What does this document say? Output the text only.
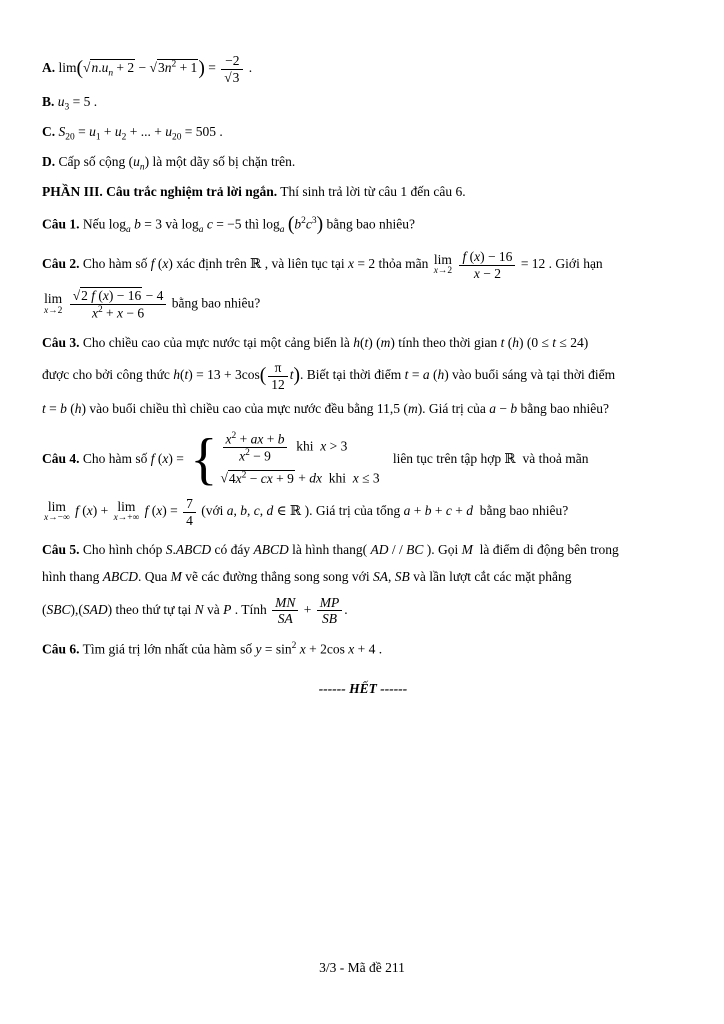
A. $\lim(√n.u_n + 2 - √3n^2 + 1) = \frac{-2}{√3}$ .
B. $u_3 = 5$ .
C. $S_{20} = u_1 + u_2$ + ... + $u_{20} = 505$ .
D. Cấp số cộng $(u_n)$ là một dãy số bị chặn trên.
PHẦN III. Câu trắc nghiệm trả lời ngắn. Thí sinh trả lời từ câu 1 đến câu 6.
Câu 1. Nếu $\log_a b = 3$ và $\log_a c = -5$ thì $\log_a (b^2c^3)$ bằng bao nhiêu?
Câu 2. Cho hàm số f (x) xác định trên ℝ , và liên tục tại x = 2 thỏa mãn lim
x→2
$\frac{f (x) - 16}{x - 2} = 12$ . Giới hạn
lim
x→2
$\frac{√2 f (x) - 16 - 4}{x^2 + x - 6}$ bằng bao nhiêu?
Câu 3. Cho chiều cao của mực nước tại một cảng biển là h(t) (m) tính theo thời gian t (h) (0 ≤ t ≤ 24)
được cho bởi công thức $h(t) = 13 + 3\cos( \frac{\pi}{12} t)$. Biết tại thời điểm t = a (h) vào buổi sáng và tại thời điểm
t = b (h) vào buổi chiều thì chiều cao của mực nước đều bằng 11,5 (m). Giá trị của a − b bằng bao nhiêu?
Câu 4. Cho hàm số f (x) = { $\frac{x^2 + ax + b}{x^2 - 9}$ khi  x > 3
$√4x^2$ − cx + 9 + dx  khi  x ≤ 3
liên tục trên tập hợp ℝ  và thoả mãn
lim
x→−∞
f (x) + lim
x→+∞
f $(x) = \frac{7}{4}$ (với a, b, c, d ∈ ℝ ). Giá trị của tổng a + b + c + d  bằng bao nhiêu?
Câu 5. Cho hình chóp S.ABCD có đáy ABCD là hình thang( AD / / BC ). Gọi M  là điểm di động bên trong
hình thang ABCD. Qua M vẽ các đường thẳng song song với SA, SB và lần lượt cắt các mặt phẳng
(SBC),(SAD) theo thứ tự tại N và P . Tính $\frac{MN}{SA} + \frac{MP}{SB}$ .
Câu 6. Tìm giá trị lớn nhất của hàm số $y = \sin^2 x + 2\cos$ x + 4 .
------ HẾT ------
3/3 - Mã đề 211
